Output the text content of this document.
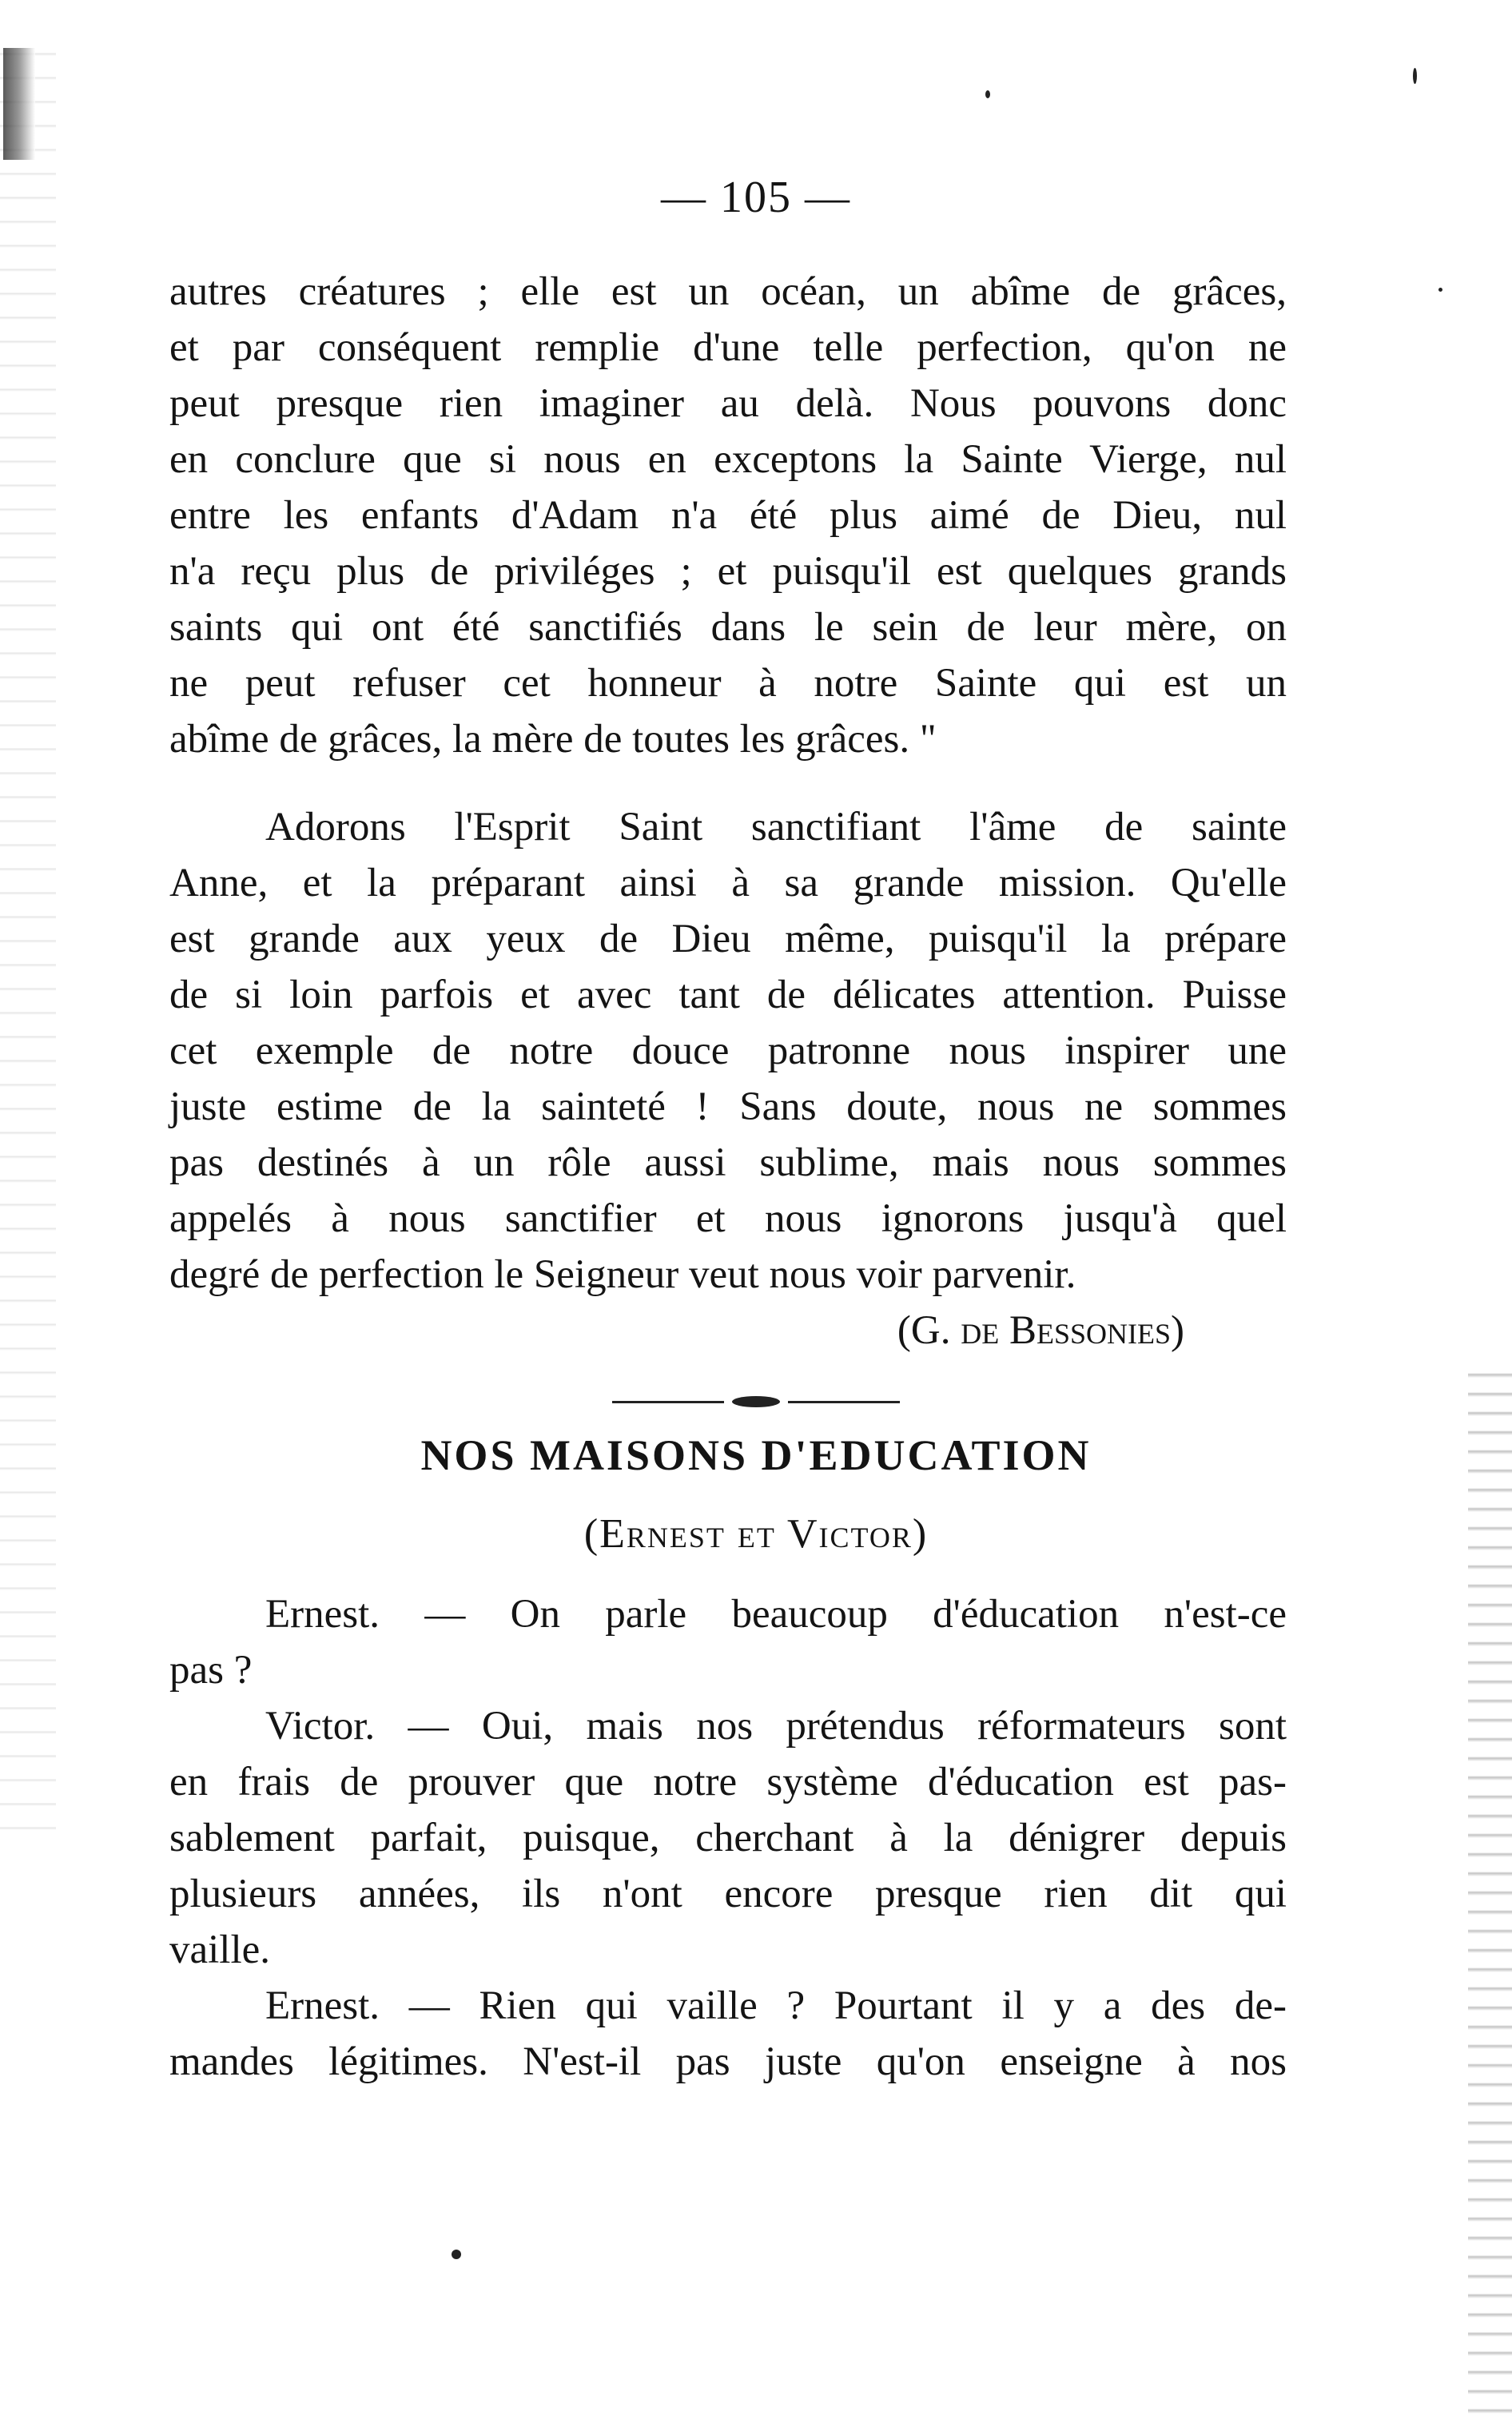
— 105 —
autres créatures ; elle est un océan, un abîme de grâces,
et par conséquent remplie d'une telle perfection, qu'on ne
peut presque rien imaginer au delà. Nous pouvons donc
en conclure que si nous en exceptons la Sainte Vierge, nul
entre les enfants d'Adam n'a été plus aimé de Dieu, nul
n'a reçu plus de priviléges ; et puisqu'il est quelques grands
saints qui ont été sanctifiés dans le sein de leur mère, on
ne peut refuser cet honneur à notre Sainte qui est un
abîme de grâces, la mère de toutes les grâces. "
Adorons l'Esprit Saint sanctifiant l'âme de sainte
Anne, et la préparant ainsi à sa grande mission. Qu'elle
est grande aux yeux de Dieu même, puisqu'il la prépare
de si loin parfois et avec tant de délicates attention. Puisse
cet exemple de notre douce patronne nous inspirer une
juste estime de la sainteté ! Sans doute, nous ne sommes
pas destinés à un rôle aussi sublime, mais nous sommes
appelés à nous sanctifier et nous ignorons jusqu'à quel
degré de perfection le Seigneur veut nous voir parvenir.
(G. de Bessonies)
NOS MAISONS D'EDUCATION
(Ernest et Victor)
Ernest. — On parle beaucoup d'éducation n'est-ce
pas ?
Victor. — Oui, mais nos prétendus réformateurs sont
en frais de prouver que notre système d'éducation est pas-
sablement parfait, puisque, cherchant à la dénigrer depuis
plusieurs années, ils n'ont encore presque rien dit qui
vaille.
Ernest. — Rien qui vaille ? Pourtant il y a des de-
mandes légitimes. N'est-il pas juste qu'on enseigne à nos
